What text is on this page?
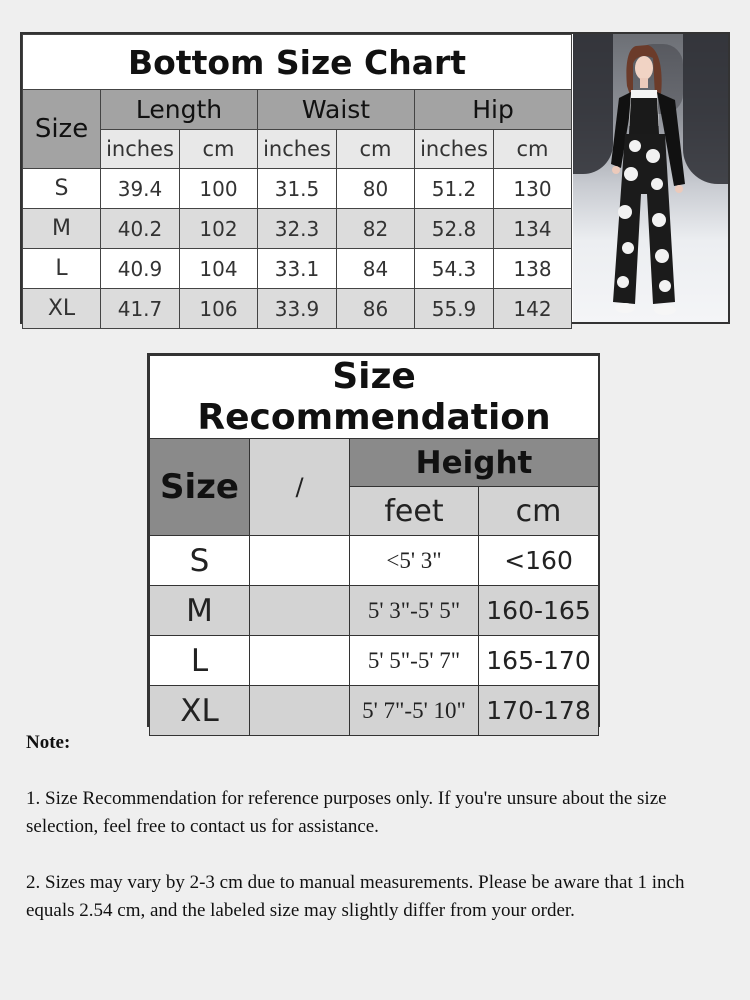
Bottom Size Chart						
Size	Length		Waist		Hip	
	inches	cm	inches	cm	inches	cm
S	39.4	100	31.5	80	51.2	130
M	40.2	102	32.3	82	52.8	134
L	40.9	104	33.1	84	54.3	138
XL	41.7	106	33.9	86	55.9	142
Size Recommendation			
Size	/	Height	
		feet	cm
S		<5' 3"	<160
M		5' 3"-5' 5"	160-165
L		5' 5"-5' 7"	165-170
XL		5' 7"-5' 10"	170-178
Note:
1. Size Recommendation for reference purposes only. If you're unsure about the size selection, feel free to contact us for assistance.
2. Sizes may vary by 2-3 cm due to manual measurements. Please be aware that 1 inch equals 2.54 cm, and the labeled size may slightly differ from your order.
